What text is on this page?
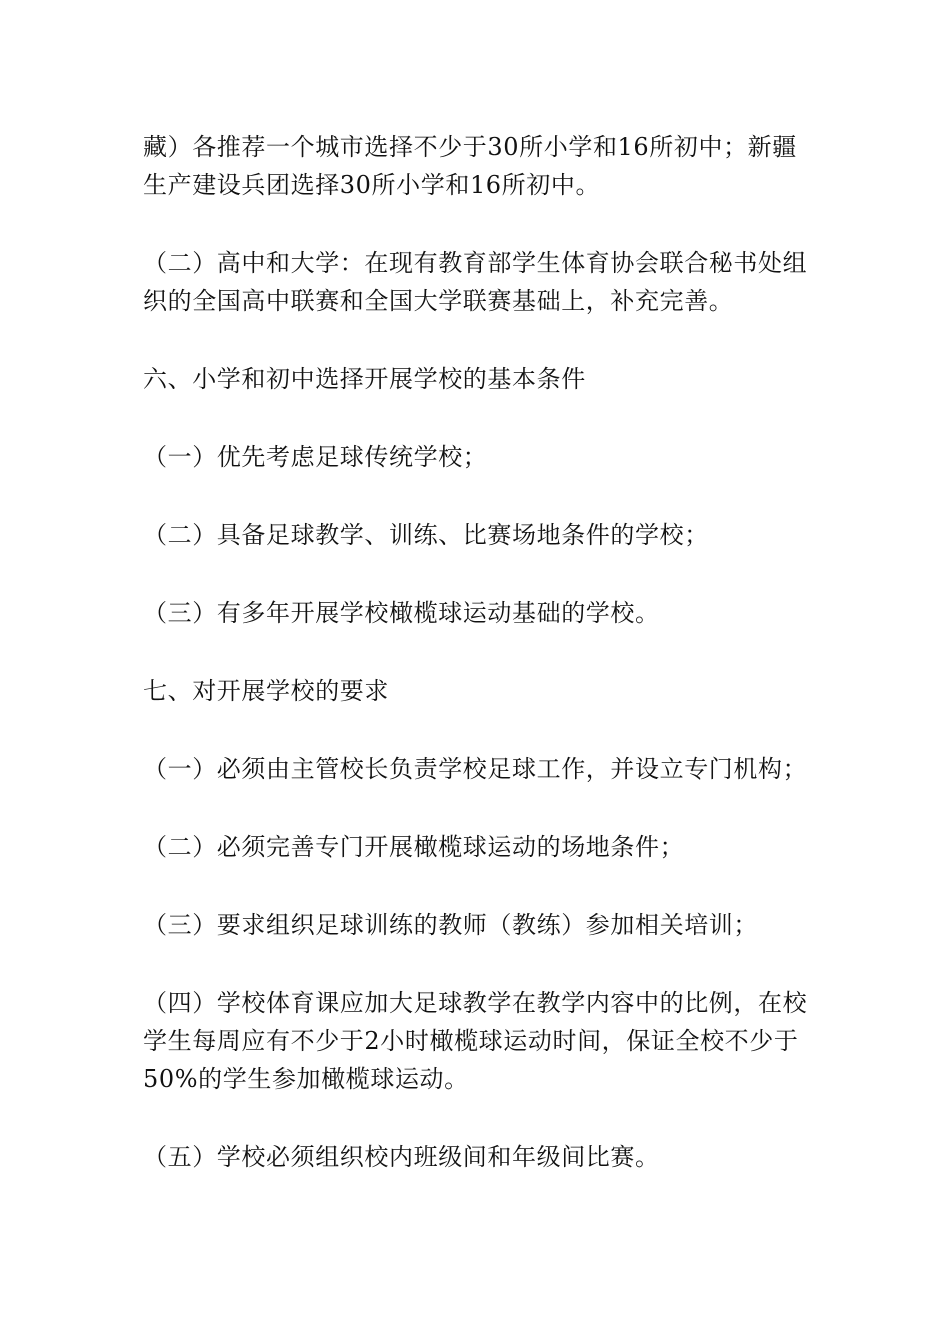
藏）各推荐一个城市选择不少于30所小学和16所初中；新疆生产建设兵团选择30所小学和16所初中。

（二）高中和大学：在现有教育部学生体育协会联合秘书处组织的全国高中联赛和全国大学联赛基础上，补充完善。

六、小学和初中选择开展学校的基本条件

（一）优先考虑足球传统学校；

（二）具备足球教学、训练、比赛场地条件的学校；

（三）有多年开展学校橄榄球运动基础的学校。

七、对开展学校的要求

（一）必须由主管校长负责学校足球工作，并设立专门机构；

（二）必须完善专门开展橄榄球运动的场地条件；

（三）要求组织足球训练的教师（教练）参加相关培训；

（四）学校体育课应加大足球教学在教学内容中的比例，在校学生每周应有不少于2小时橄榄球运动时间，保证全校不少于50%的学生参加橄榄球运动。

（五）学校必须组织校内班级间和年级间比赛。
